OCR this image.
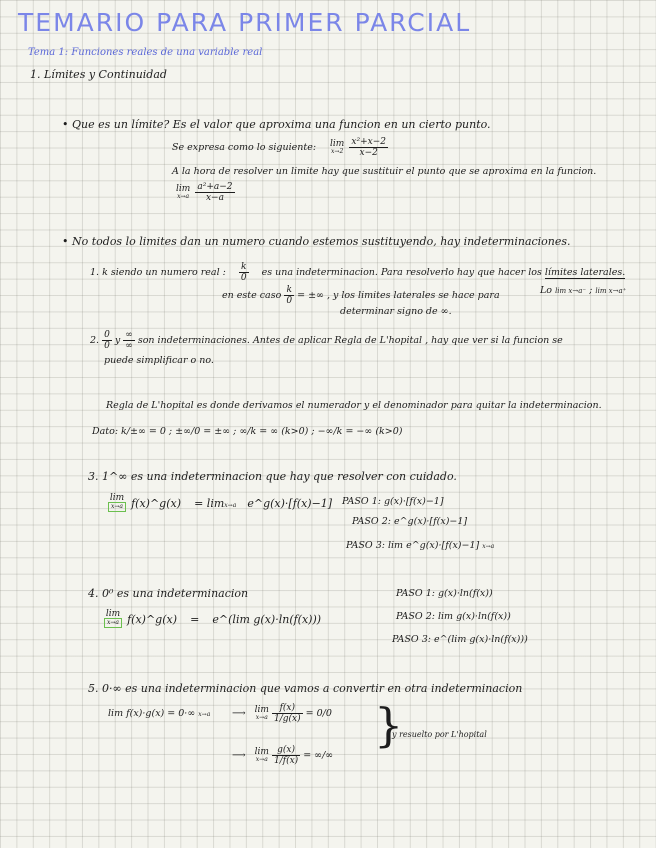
TEMARIO PARA PRIMER PARCIAL
Tema 1: Funciones reales de una variable real
1. Límites y Continuidad
• Que es un límite? Es el valor que aproxima una funcion en un cierto punto.
Se expresa como lo siguiente: lim
x→2
$\frac{\text{x²+x−2}}{x-2}$
A la hora de resolver un limite hay que sustituir el punto que se aproxima en la funcion.
lim
x→a
$\frac{\text{a²+a−2}}{x-a}$
• No todos lo limites dan un numero cuando estemos sustituyendo, hay indeterminaciones.
1. k siendo un numero real : $\frac{k}{0}$ es una indeterminacion. Para resolverlo hay que hacer los límites laterales.
en este caso $\frac{k}{0}$ = ±∞ , y los limites laterales se hace para	Lo lim x→a⁻ ; lim x→a⁺
determinar signo de ∞.
2. $\frac{0}{0}$ y $\frac{\infty}{\infty}$ son indeterminaciones. Antes de aplicar Regla de L'hopital , hay que ver si la funcion se
puede simplificar o no.
Regla de L'hopital es donde derivamos el numerador y el denominador para quitar la indeterminacion.
Dato: k/±∞ = 0 ; ±∞/0 = ±∞ ; ∞/k = ∞ (k>0) ; −∞/k = −∞ (k>0)
3. 1^∞ es una indeterminacion que hay que resolver con cuidado.
lim
x→a f(x)^g(x) = limx→a e^g(x)·[f(x)−1] PASO 1: g(x)·[f(x)−1]
PASO 2: e^g(x)·[f(x)−1]
PASO 3: lim e^g(x)·[f(x)−1] x→a
4. 0⁰ es una indeterminacion
lim
x→a f(x)^g(x) = e^(lim g(x)·ln(f(x)))
PASO 1: g(x)·ln(f(x))
PASO 2: lim g(x)·ln(f(x))
PASO 3: e^(lim g(x)·ln(f(x)))
5. 0·∞ es una indeterminacion que vamos a convertir en otra indeterminacion
lim f(x)·g(x) = 0·∞ x→a ⟶ lim
x→a
$\frac{f(x)}{1/g(x)} = 0/0$
⟶ lim
x→a
$\frac{g(x)}{1/f(x)}$ = ∞/∞
}
y resuelto por L'hopital
